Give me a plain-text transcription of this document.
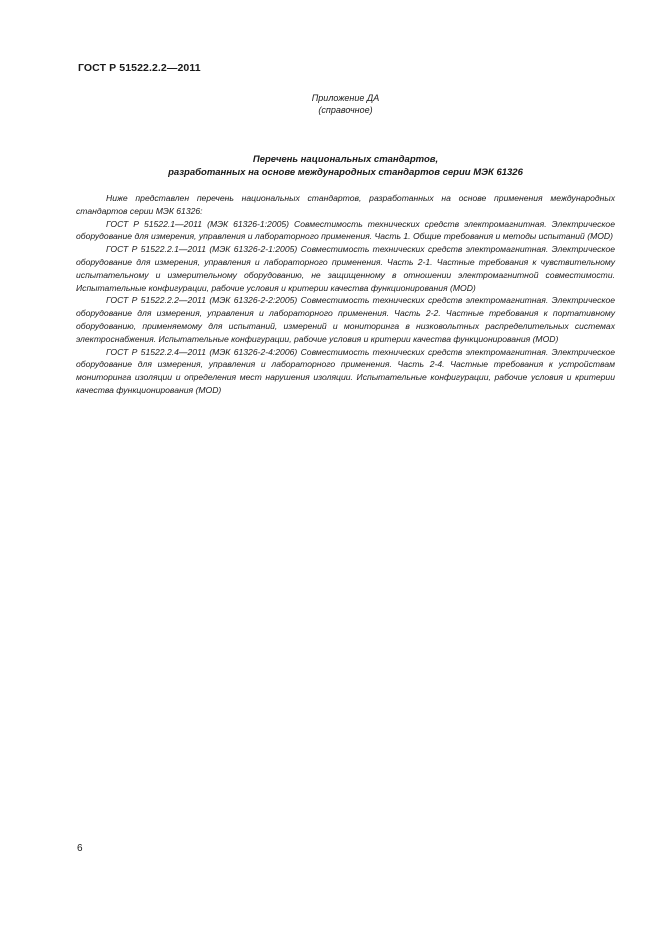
ГОСТ Р 51522.2.2—2011
Приложение ДА
(справочное)
Перечень национальных стандартов,
разработанных на основе международных стандартов серии МЭК 61326

Ниже представлен перечень национальных стандартов, разработанных на основе применения международных стандартов серии МЭК 61326:

ГОСТ Р 51522.1—2011 (МЭК 61326-1:2005) Совместимость технических средств электромагнитная. Электрическое оборудование для измерения, управления и лабораторного применения. Часть 1. Общие требования и методы испытаний (MOD)

ГОСТ Р 51522.2.1—2011 (МЭК 61326-2-1:2005) Совместимость технических средств электромагнитная. Электрическое оборудование для измерения, управления и лабораторного применения. Часть 2-1. Частные требования к чувствительному испытательному и измерительному оборудованию, не защищенному в отношении электромагнитной совместимости. Испытательные конфигурации, рабочие условия и критерии качества функционирования (MOD)

ГОСТ Р 51522.2.2—2011 (МЭК 61326-2-2:2005) Совместимость технических средств электромагнитная. Электрическое оборудование для измерения, управления и лабораторного применения. Часть 2-2. Частные требования к портативному оборудованию, применяемому для испытаний, измерений и мониторинга в низковольтных распределительных системах электроснабжения. Испытательные конфигурации, рабочие условия и критерии качества функционирования (MOD)

ГОСТ Р 51522.2.4—2011 (МЭК 61326-2-4:2006) Совместимость технических средств электромагнитная. Электрическое оборудование для измерения, управления и лабораторного применения. Часть 2-4. Частные требования к устройствам мониторинга изоляции и определения мест нарушения изоляции. Испытательные конфигурации, рабочие условия и критерии качества функционирования (MOD)

6
